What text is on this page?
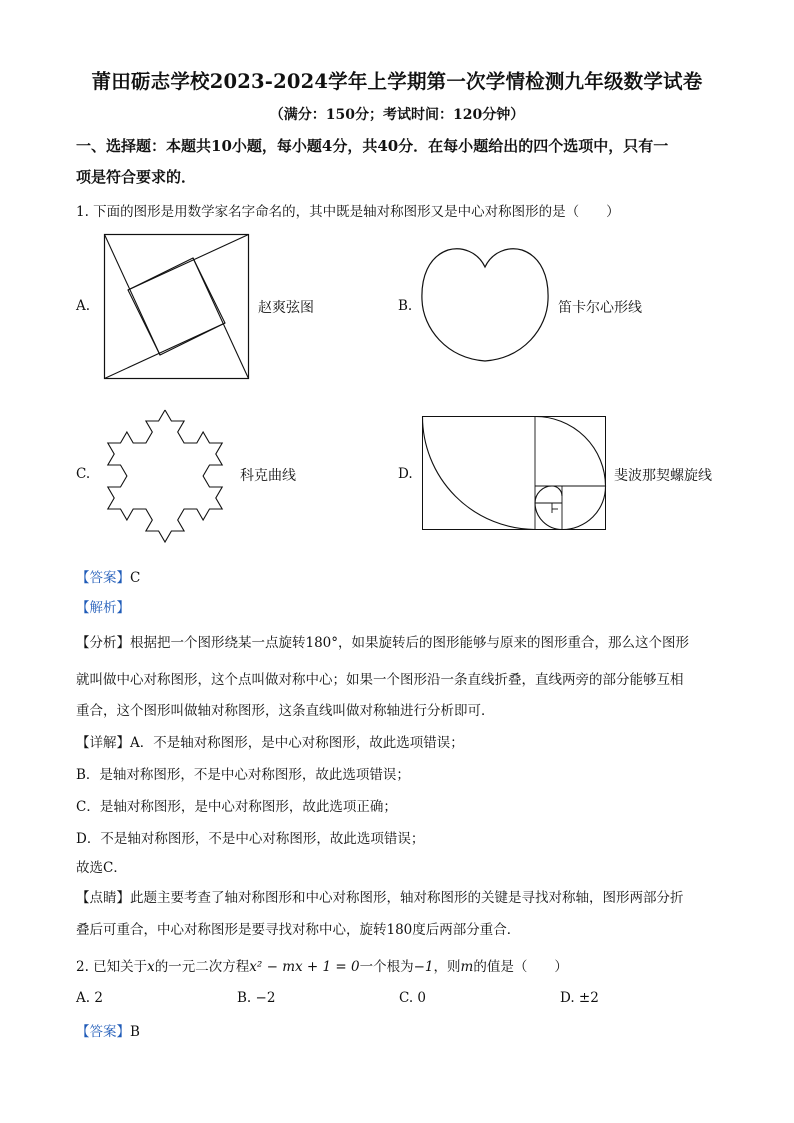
莆田砺志学校2023-2024学年上学期第一次学情检测九年级数学试卷
（满分：150分；考试时间：120分钟）
一、选择题：本题共10小题，每小题4分，共40分．在每小题给出的四个选项中，只有一
项是符合要求的．
1. 下面的图形是用数学家名字命名的，其中既是轴对称图形又是中心对称图形的是（　　）
A.	赵爽弦图	B.	笛卡尔心形线
C.	科克曲线	D.	斐波那契螺旋线
【答案】C
【解析】
【分析】根据把一个图形绕某一点旋转180°，如果旋转后的图形能够与原来的图形重合，那么这个图形
就叫做中心对称图形，这个点叫做对称中心；如果一个图形沿一条直线折叠，直线两旁的部分能够互相
重合，这个图形叫做轴对称图形，这条直线叫做对称轴进行分析即可．
【详解】A．不是轴对称图形，是中心对称图形，故此选项错误；
B．是轴对称图形，不是中心对称图形，故此选项错误；
C．是轴对称图形，是中心对称图形，故此选项正确；
D．不是轴对称图形，不是中心对称图形，故此选项错误；
故选C．
【点睛】此题主要考查了轴对称图形和中心对称图形，轴对称图形的关键是寻找对称轴，图形两部分折
叠后可重合，中心对称图形是要寻找对称中心，旋转180度后两部分重合．
2. 已知关于x的一元二次方程x² − mx + 1 = 0一个根为−1，则m的值是（　　）
A. 2	B. −2	C. 0	D. ±2
【答案】B
